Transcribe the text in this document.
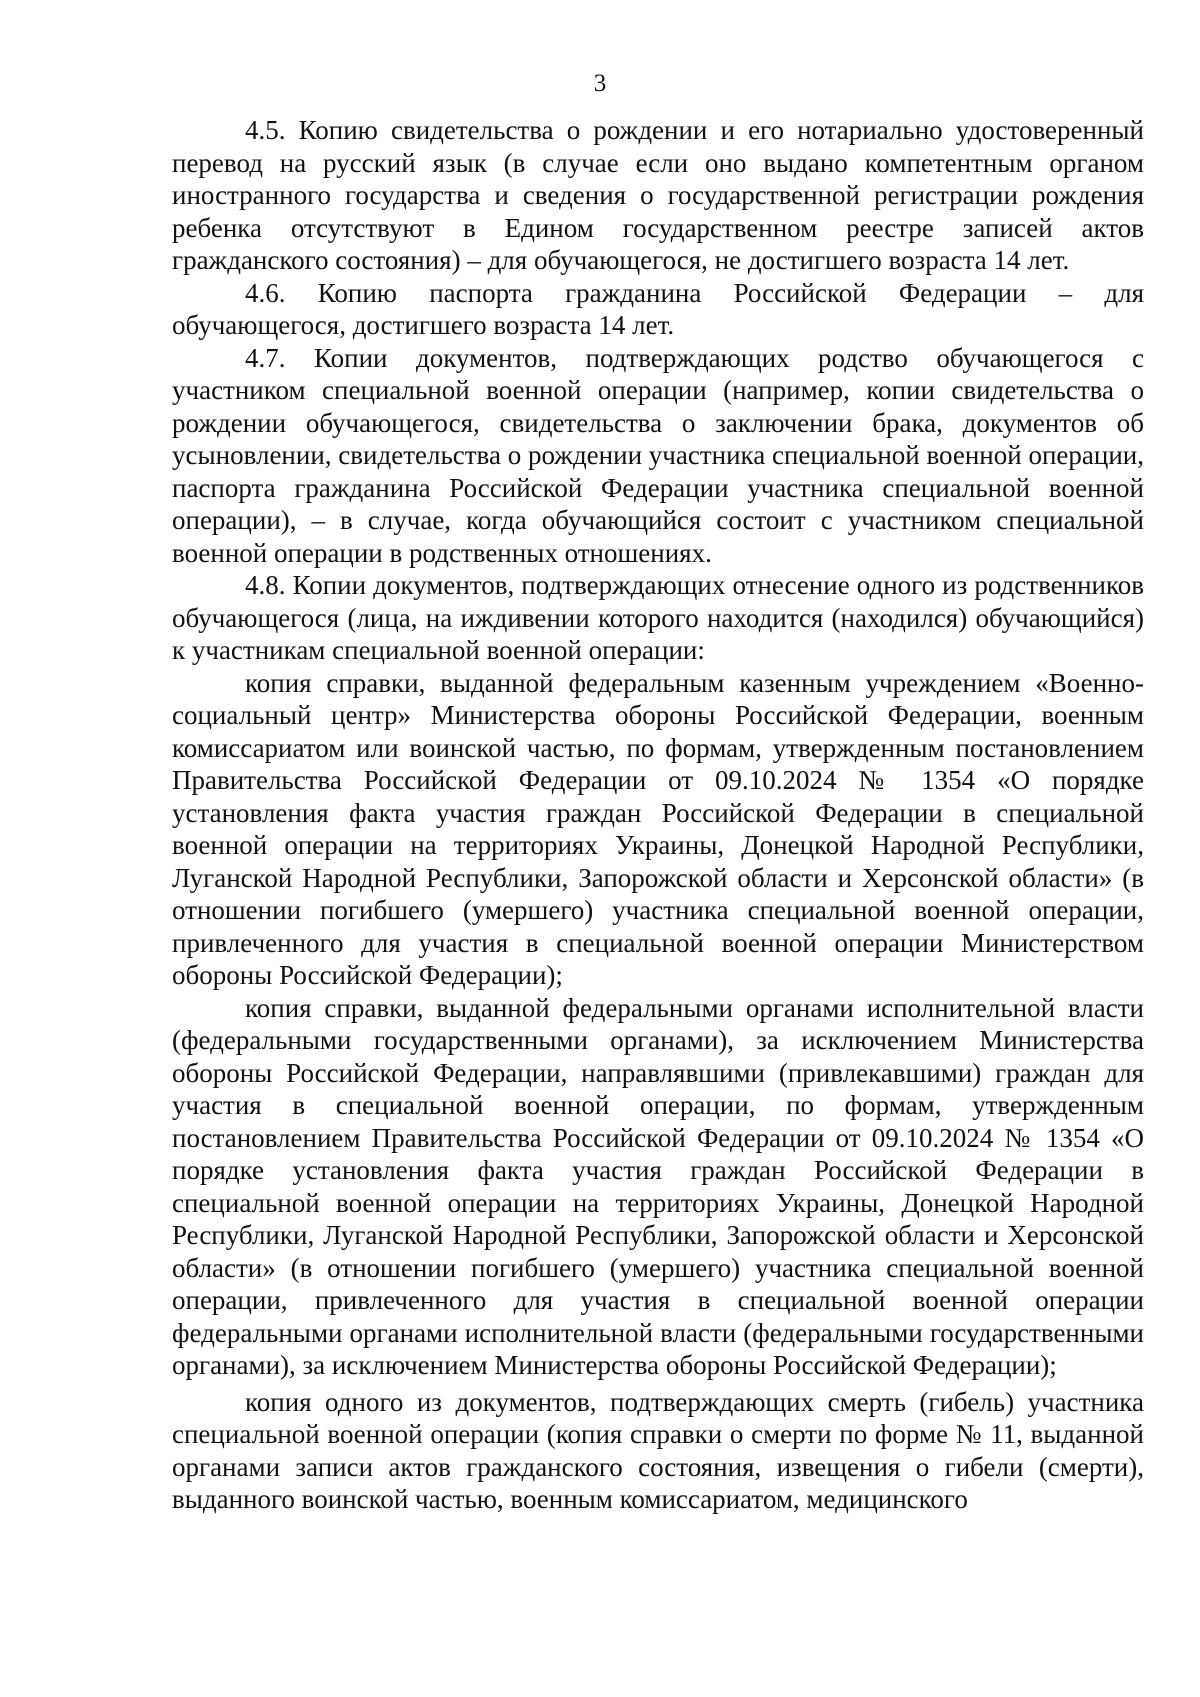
3

4.5. Копию свидетельства о рождении и его нотариально удостоверенный перевод на русский язык (в случае если оно выдано компетентным органом иностранного государства и сведения о государственной регистрации рождения ребенка отсутствуют в Едином государственном реестре записей актов гражданского состояния) – для обучающегося, не достигшего возраста 14 лет.

4.6. Копию паспорта гражданина Российской Федерации – для обучающегося, достигшего возраста 14 лет.

4.7. Копии документов, подтверждающих родство обучающегося с участником специальной военной операции (например, копии свидетельства о рождении обучающегося, свидетельства о заключении брака, документов об усыновлении, свидетельства о рождении участника специальной военной операции, паспорта гражданина Российской Федерации участника специальной военной операции), – в случае, когда обучающийся состоит с участником специальной военной операции в родственных отношениях.

4.8. Копии документов, подтверждающих отнесение одного из родственников обучающегося (лица, на иждивении которого находится (находился) обучающийся) к участникам специальной военной операции:

копия справки, выданной федеральным казенным учреждением «Военно-социальный центр» Министерства обороны Российской Федерации, военным комиссариатом или воинской частью, по формам, утвержденным постановлением Правительства Российской Федерации от 09.10.2024 № 1354 «О порядке установления факта участия граждан Российской Федерации в специальной военной операции на территориях Украины, Донецкой Народной Республики, Луганской Народной Республики, Запорожской области и Херсонской области» (в отношении погибшего (умершего) участника специальной военной операции, привлеченного для участия в специальной военной операции Министерством обороны Российской Федерации);

копия справки, выданной федеральными органами исполнительной власти (федеральными государственными органами), за исключением Министерства обороны Российской Федерации, направлявшими (привлекавшими) граждан для участия в специальной военной операции, по формам, утвержденным постановлением Правительства Российской Федерации от 09.10.2024 № 1354 «О порядке установления факта участия граждан Российской Федерации в специальной военной операции на территориях Украины, Донецкой Народной Республики, Луганской Народной Республики, Запорожской области и Херсонской области» (в отношении погибшего (умершего) участника специальной военной операции, привлеченного для участия в специальной военной операции федеральными органами исполнительной власти (федеральными государственными органами), за исключением Министерства обороны Российской Федерации);

копия одного из документов, подтверждающих смерть (гибель) участника специальной военной операции (копия справки о смерти по форме № 11, выданной органами записи актов гражданского состояния, извещения о гибели (смерти), выданного воинской частью, военным комиссариатом, медицинского
